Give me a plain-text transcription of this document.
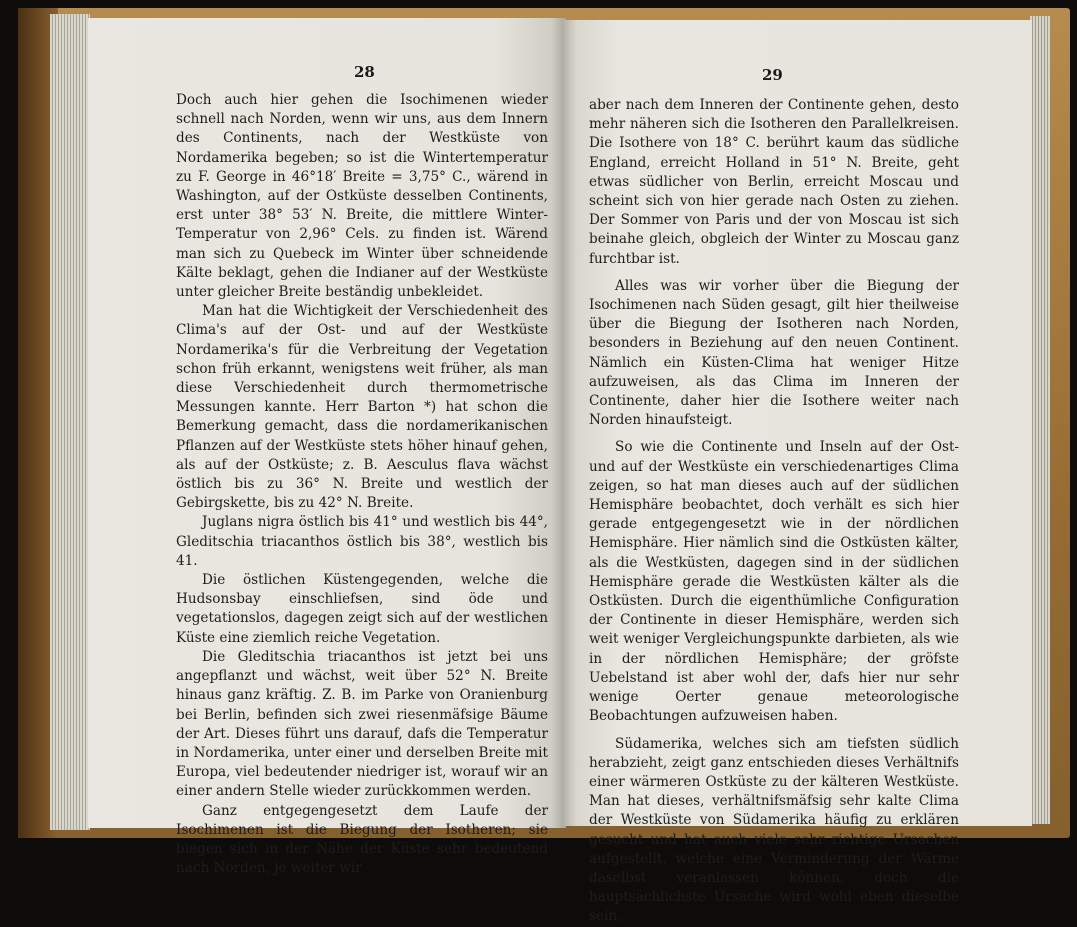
28

Doch auch hier gehen die Isochimenen wieder schnell nach Norden, wenn wir uns, aus dem Innern des Continents, nach der Westküste von Nordamerika begeben; so ist die Wintertemperatur zu F. George in 46°18′ Breite = 3,75° C., wärend in Washington, auf der Ostküste desselben Continents, erst unter 38° 53′ N. Breite, die mittlere Winter-Temperatur von 2,96° Cels. zu finden ist. Wärend man sich zu Quebeck im Winter über schneidende Kälte beklagt, gehen die Indianer auf der Westküste unter gleicher Breite beständig unbekleidet.

Man hat die Wichtigkeit der Verschiedenheit des Clima's auf der Ost- und auf der Westküste Nordamerika's für die Verbreitung der Vegetation schon früh erkannt, wenigstens weit früher, als man diese Verschiedenheit durch thermometrische Messungen kannte. Herr Barton *) hat schon die Bemerkung gemacht, dass die nordamerikanischen Pflanzen auf der Westküste stets höher hinauf gehen, als auf der Ostküste; z. B. Aesculus flava wächst östlich bis zu 36° N. Breite und westlich der Gebirgskette, bis zu 42° N. Breite.

Juglans nigra östlich bis 41° und westlich bis 44°, Gleditschia triacanthos östlich bis 38°, westlich bis 41.

Die östlichen Küstengegenden, welche die Hudsonsbay einschliefsen, sind öde und vegetationslos, dagegen zeigt sich auf der westlichen Küste eine ziemlich reiche Vegetation.

Die Gleditschia triacanthos ist jetzt bei uns angepflanzt und wächst, weit über 52° N. Breite hinaus ganz kräftig. Z. B. im Parke von Oranienburg bei Berlin, befinden sich zwei riesenmäfsige Bäume der Art. Dieses führt uns darauf, dafs die Temperatur in Nordamerika, unter einer und derselben Breite mit Europa, viel bedeutender niedriger ist, worauf wir an einer andern Stelle wieder zurückkommen werden.

Ganz entgegengesetzt dem Laufe der Isochimenen ist die Biegung der Isotheren; sie biegen sich in der Nähe der Küste sehr bedeutend nach Norden, je weiter wir

29

aber nach dem Inneren der Continente gehen, desto mehr näheren sich die Isotheren den Parallelkreisen. Die Isothere von 18° C. berührt kaum das südliche England, erreicht Holland in 51° N. Breite, geht etwas südlicher von Berlin, erreicht Moscau und scheint sich von hier gerade nach Osten zu ziehen. Der Sommer von Paris und der von Moscau ist sich beinahe gleich, obgleich der Winter zu Moscau ganz furchtbar ist.

Alles was wir vorher über die Biegung der Isochimenen nach Süden gesagt, gilt hier theilweise über die Biegung der Isotheren nach Norden, besonders in Beziehung auf den neuen Continent. Nämlich ein Küsten-Clima hat weniger Hitze aufzuweisen, als das Clima im Inneren der Continente, daher hier die Isothere weiter nach Norden hinaufsteigt.

So wie die Continente und Inseln auf der Ost- und auf der Westküste ein verschiedenartiges Clima zeigen, so hat man dieses auch auf der südlichen Hemisphäre beobachtet, doch verhält es sich hier gerade entgegengesetzt wie in der nördlichen Hemisphäre. Hier nämlich sind die Ostküsten kälter, als die Westküsten, dagegen sind in der südlichen Hemisphäre gerade die Westküsten kälter als die Ostküsten. Durch die eigenthümliche Configuration der Continente in dieser Hemisphäre, werden sich weit weniger Vergleichungspunkte darbieten, als wie in der nördlichen Hemisphäre; der gröfste Uebelstand ist aber wohl der, dafs hier nur sehr wenige Oerter genaue meteorologische Beobachtungen aufzuweisen haben.

Südamerika, welches sich am tiefsten südlich herabzieht, zeigt ganz entschieden dieses Verhältnifs einer wärmeren Ostküste zu der kälteren Westküste. Man hat dieses, verhältnifsmäfsig sehr kalte Clima der Westküste von Südamerika häufig zu erklären gesucht und hat auch viele sehr richtige Ursachen aufgestellt, welche eine Verminderung der Wärme daselbst veranlassen können, doch die hauptsächlichste Ursache wird wohl eben dieselbe sein,
